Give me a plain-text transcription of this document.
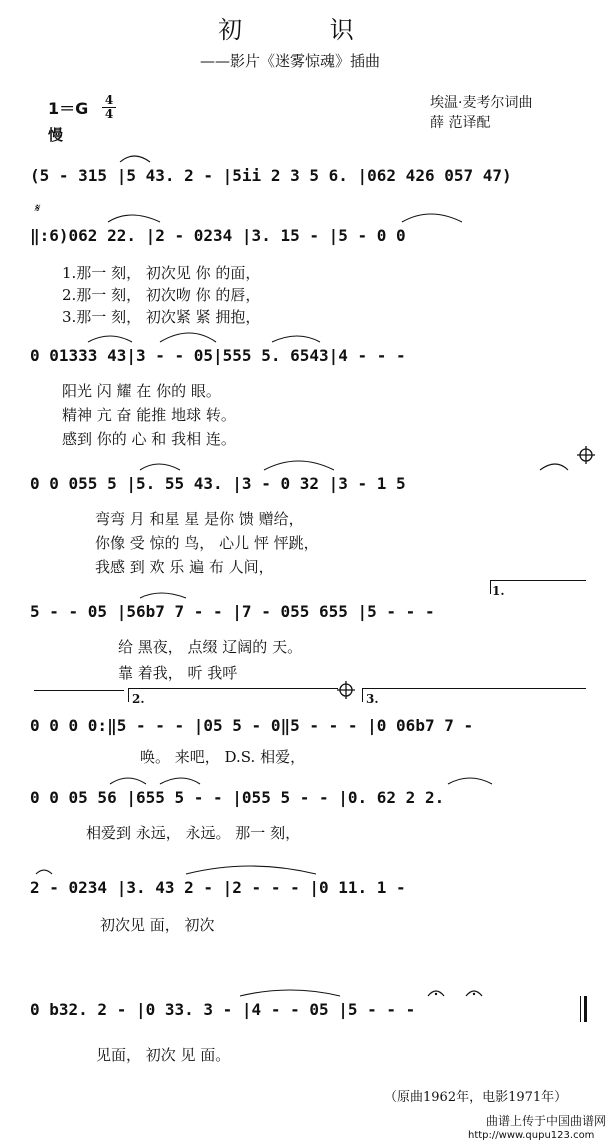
初 识
——影片《迷雾惊魂》插曲
埃温·麦考尔词曲
薛 范译配
1＝G 4
4
慢
(5 - 315 |5 43. 2 - |5ii 2 3 5 6. |062 426 057 47)
‖:6)062 22. |2 - 0234 |3. 15 - |5 - 0 0
1.那一 刻， 初次见 你 的面，
2.那一 刻， 初次吻 你 的唇，
3.那一 刻， 初次紧 紧 拥抱，
0 01333 43|3 - - 05|555 5. 6543|4 - - -
阳光 闪 耀 在 你的 眼。
精神 亢 奋 能推 地球 转。
感到 你的 心 和 我相 连。
0 0 055 5 |5. 55 43. |3 - 0 32 |3 - 1 5
弯弯 月 和星 星 是你 馈 赠给，
你像 受 惊的 鸟， 心儿 怦 怦跳，
我感 到 欢 乐 遍 布 人间，
5 - - 05 |56b7 7 - - |7 - 055 655 |5 - - -
给 黑夜， 点缀 辽阔的 天。
靠 着我， 听 我呼
0 0 0 0:‖5 - - - |05 5 - 0‖5 - - - |0 06b7 7 -
唤。 来吧， D.S. 相爱，
0 0 05 56 |655 5 - - |055 5 - - |0. 62 2 2.
相爱到 永远， 永远。 那一 刻，
2 - 0234 |3. 43 2 - |2 - - - |0 11. 1 -
初次见 面， 初次
0 b32. 2 - |0 33. 3 - |4 - - 05 |5 - - -
见面， 初次 见 面。
1.
2.	3.
𝄋
（原曲1962年，电影1971年）
曲谱上传于中国曲谱网
http://www.qupu123.com
